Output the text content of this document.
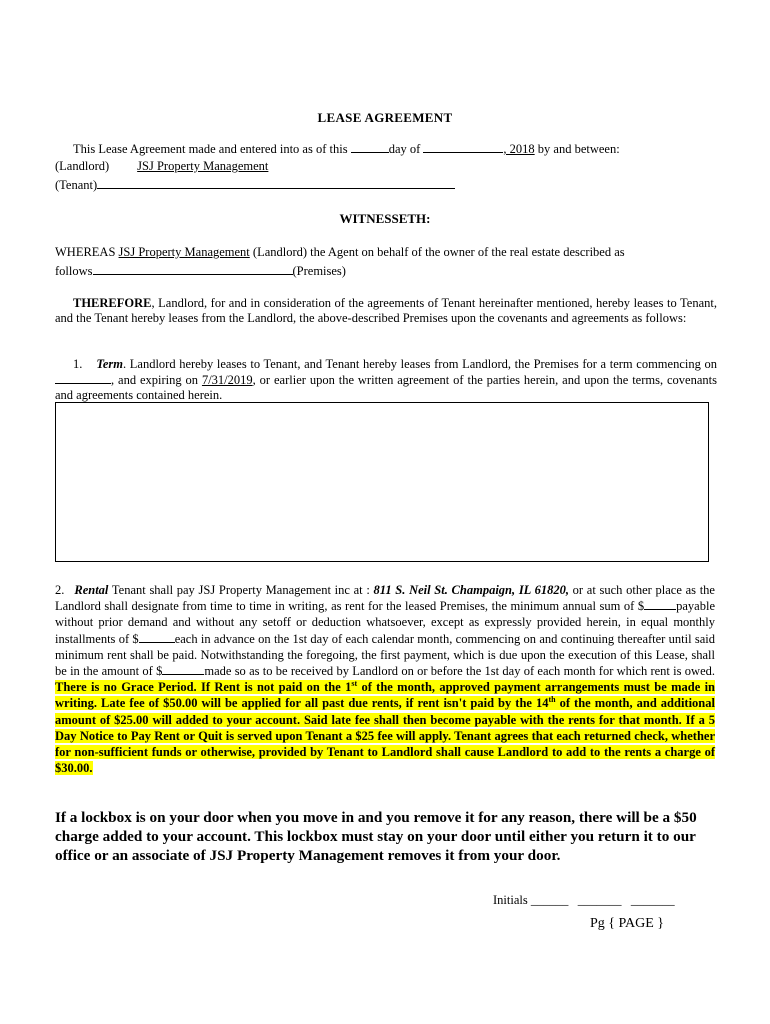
LEASE AGREEMENT
This Lease Agreement made and entered into as of this	day of	, 2018 by and between:
(Landlord) JSJ Property Management
(Tenant)
WITNESSETH:
WHEREAS JSJ Property Management (Landlord) the Agent on behalf of the owner of the real estate described as
follows	(Premises)
THEREFORE, Landlord, for and in consideration of the agreements of Tenant hereinafter mentioned, hereby leases to Tenant, and the Tenant hereby leases from the Landlord, the above-described Premises upon the covenants and agreements as follows:
1. Term. Landlord hereby leases to Tenant, and Tenant hereby leases from Landlord, the Premises for a term commencing on, and expiring on 7/31/2019, or earlier upon the written agreement of the parties herein, and upon the terms, covenants and agreements contained herein.
2. Rental Tenant shall pay JSJ Property Management inc at : 811 S. Neil St. Champaign, IL 61820, or at such other place as the Landlord shall designate from time to time in writing, as rent for the leased Premises, the minimum annual sum of $	payable without prior demand and without any setoff or deduction whatsoever, except as expressly provided herein, in equal monthly installments of $	each in advance on the 1st day of each calendar month, commencing on and continuing thereafter until said minimum rent shall be paid. Notwithstanding the foregoing, the first payment, which is due upon the execution of this Lease, shall be in the amount of $	made so as to be received by Landlord on or before the 1st day of each month for which rent is owed. There is no Grace Period. If Rent is not paid on the 1st of the month, approved payment arrangements must be made in writing. Late fee of $50.00 will be applied for all past due rents, if rent isn't paid by the 14th of the month, and additional amount of $25.00 will added to your account. Said late fee shall then become payable with the rents for that month. If a 5 Day Notice to Pay Rent or Quit is served upon Tenant a $25 fee will apply. Tenant agrees that each returned check, whether for non-sufficient funds or otherwise, provided by Tenant to Landlord shall cause Landlord to add to the rents a charge of $30.00.
If a lockbox is on your door when you move in and you remove it for any reason, there will be a $50 charge added to your account. This lockbox must stay on your door until either you return it to our office or an associate of JSJ Property Management removes it from your door.
Initials ______   _______   _______
Pg { PAGE }
